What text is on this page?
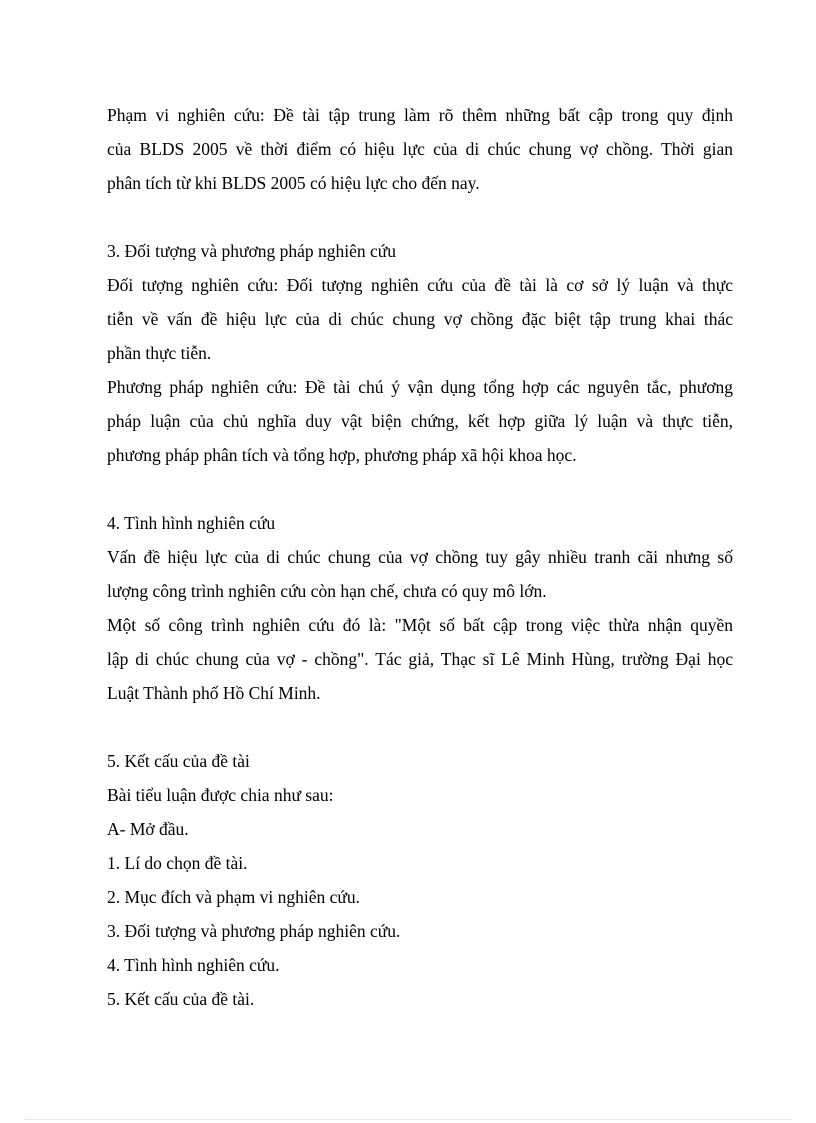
Phạm vi nghiên cứu: Đề tài tập trung làm rõ thêm những bất cập trong quy định
của BLDS 2005 về thời điểm có hiệu lực của di chúc chung vợ chồng. Thời gian
phân tích từ khi BLDS 2005 có hiệu lực cho đến nay.
3. Đối tượng và phương pháp nghiên cứu
Đối tượng nghiên cứu: Đối tượng nghiên cứu của đề tài là cơ sở lý luận và thực
tiễn về vấn đề hiệu lực của di chúc chung vợ chồng đặc biệt tập trung khai thác
phần thực tiễn.
Phương pháp nghiên cứu: Đề tài chú ý vận dụng tổng hợp các nguyên tắc, phương
pháp luận của chủ nghĩa duy vật biện chứng, kết hợp giữa lý luận và thực tiễn,
phương pháp phân tích và tổng hợp, phương pháp xã hội khoa học.
4. Tình hình nghiên cứu
Vấn đề hiệu lực của di chúc chung của vợ chồng tuy gây nhiều tranh cãi nhưng số
lượng công trình nghiên cứu còn hạn chế, chưa có quy mô lớn.
Một số công trình nghiên cứu đó là: "Một số bất cập trong việc thừa nhận quyền
lập di chúc chung của vợ - chồng". Tác giả, Thạc sĩ Lê Minh Hùng, trường Đại học
Luật Thành phố Hồ Chí Minh.
5. Kết cấu của đề tài
Bài tiểu luận được chia như sau:
A- Mở đầu.
1. Lí do chọn đề tài.
2. Mục đích và phạm vi nghiên cứu.
3. Đối tượng và phương pháp nghiên cứu.
4. Tình hình nghiên cứu.
5. Kết cấu của đề tài.
